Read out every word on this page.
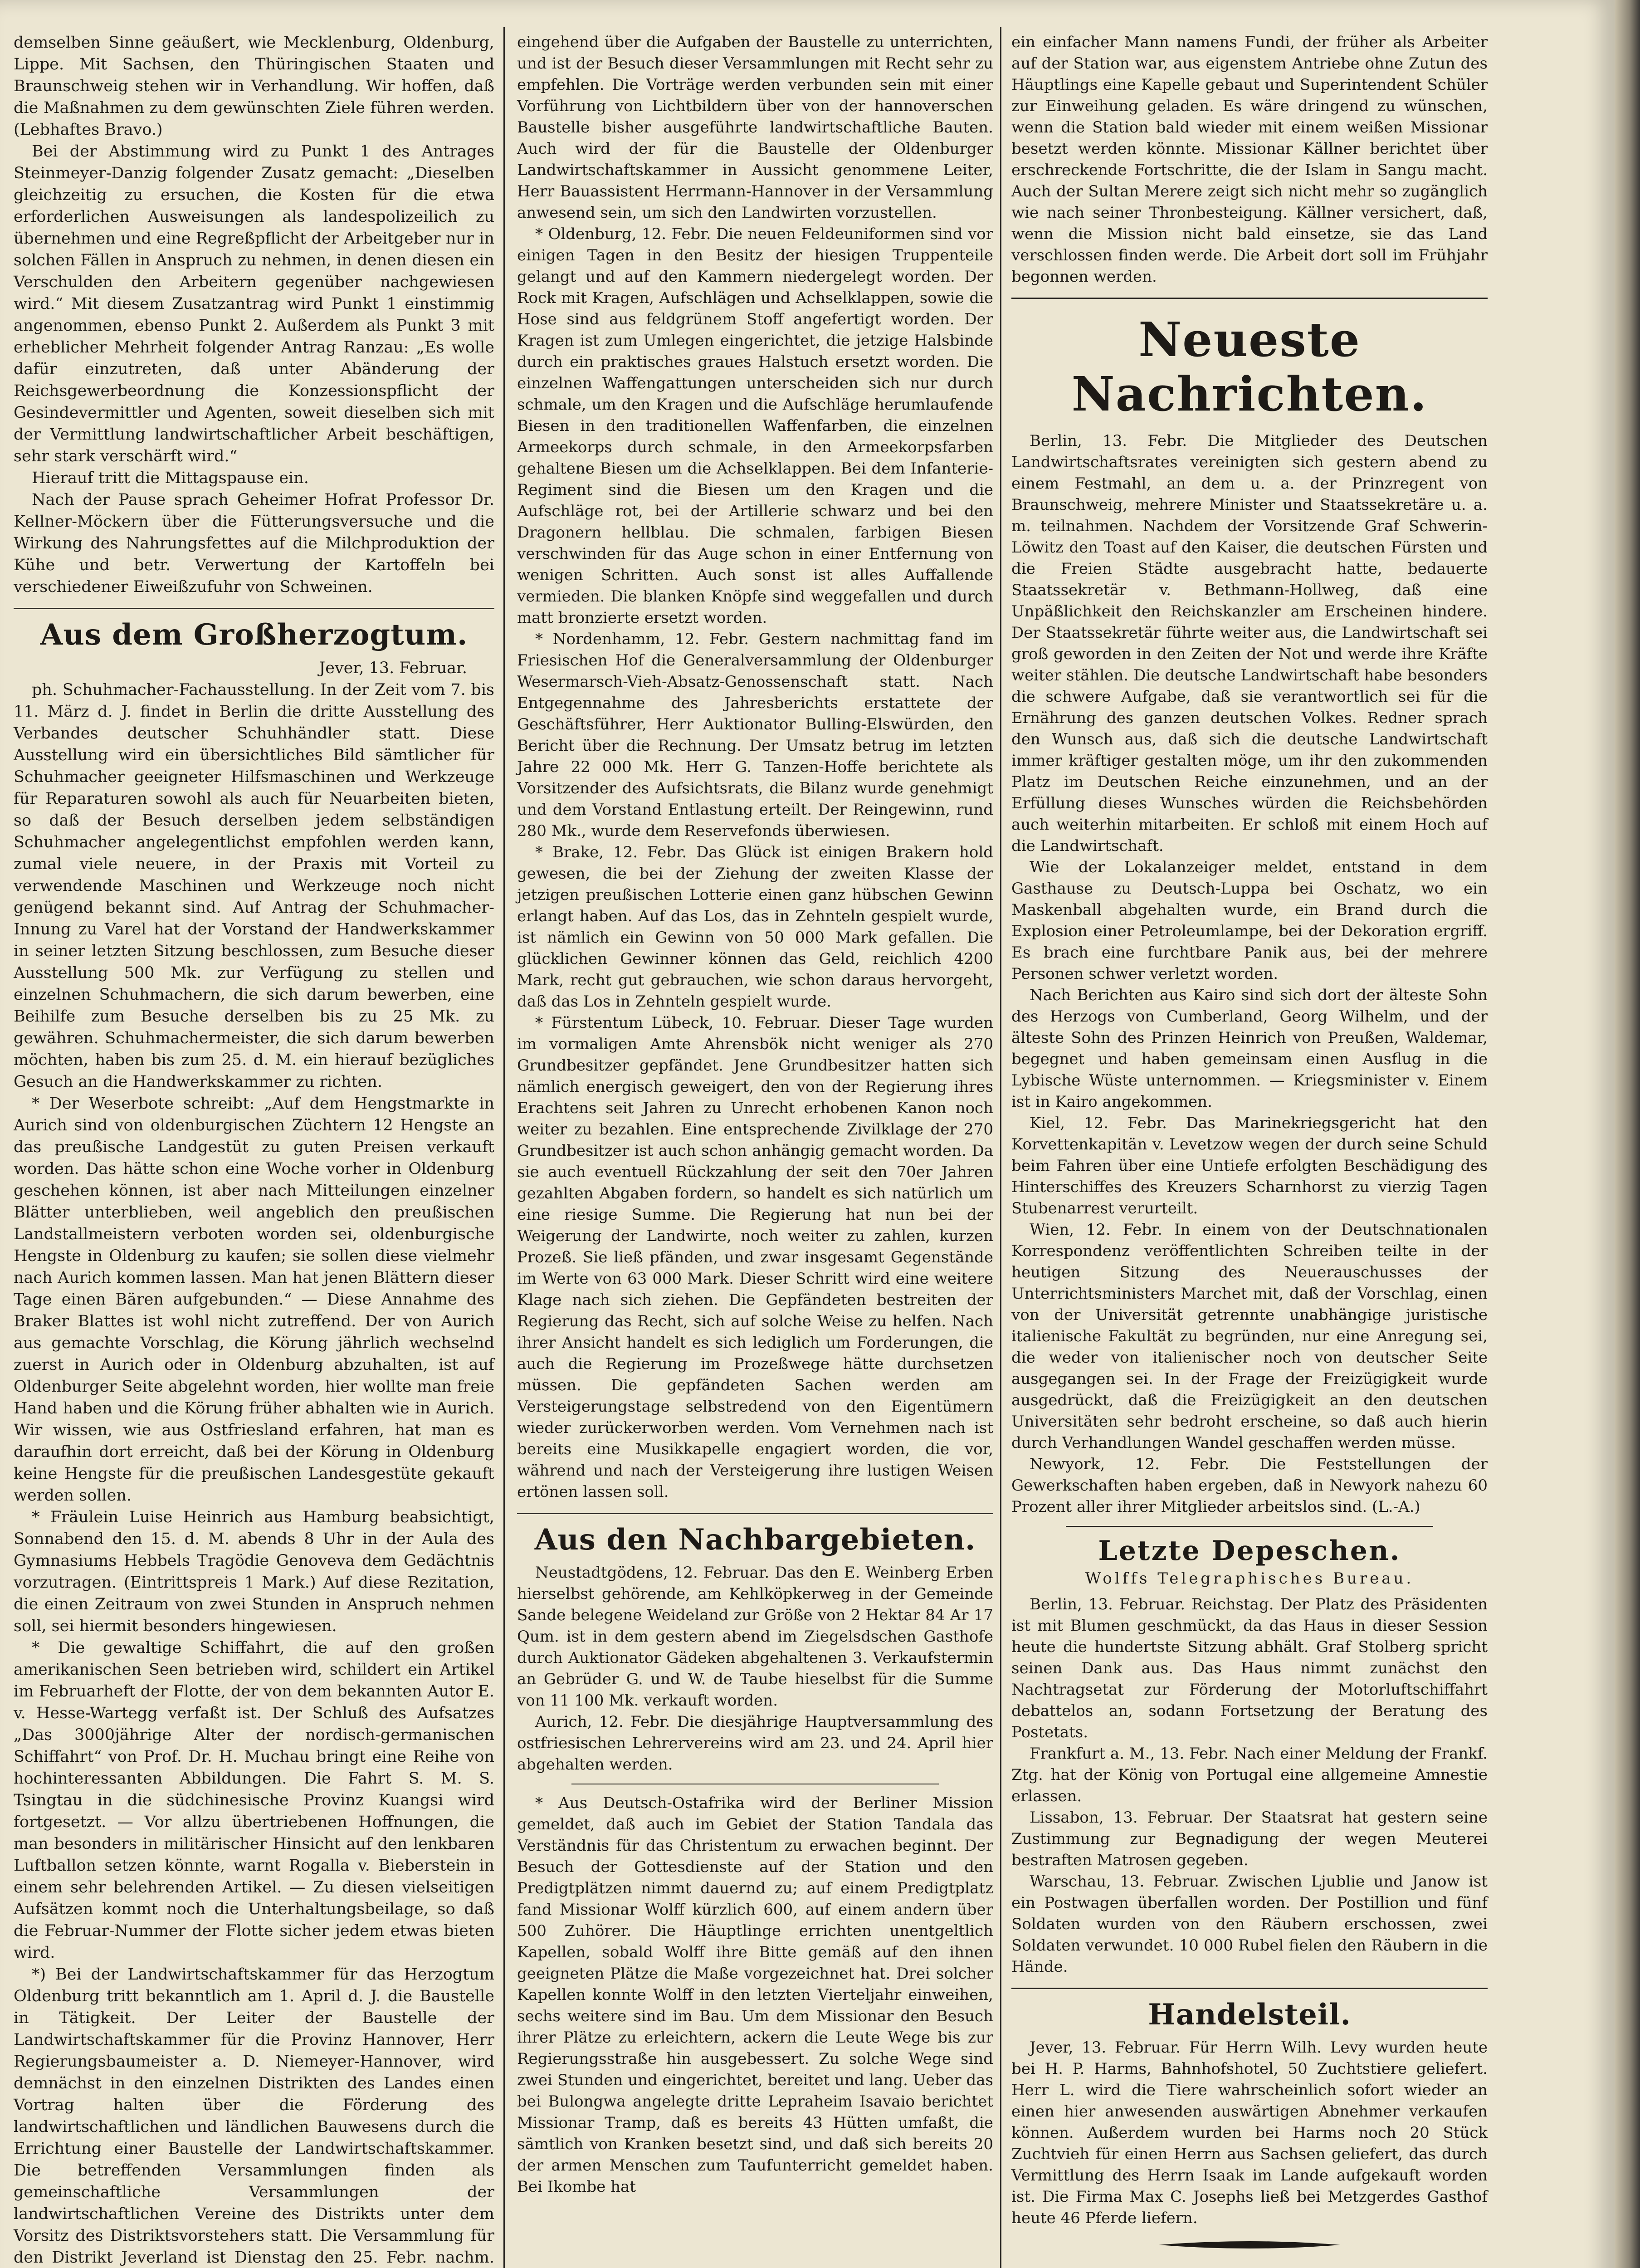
demselben Sinne geäußert, wie Mecklenburg, Oldenburg, Lippe. Mit Sachsen, den Thüringischen Staaten und Braunschweig stehen wir in Verhandlung. Wir hoffen, daß die Maßnahmen zu dem gewünschten Ziele führen werden. (Lebhaftes Bravo.)

Bei der Abstimmung wird zu Punkt 1 des Antrages Steinmeyer-Danzig folgender Zusatz gemacht: „Dieselben gleichzeitig zu ersuchen, die Kosten für die etwa erforderlichen Ausweisungen als landespolizeilich zu übernehmen und eine Regreßpflicht der Arbeitgeber nur in solchen Fällen in Anspruch zu nehmen, in denen diesen ein Verschulden den Arbeitern gegenüber nachgewiesen wird.“ Mit diesem Zusatzantrag wird Punkt 1 einstimmig angenommen, ebenso Punkt 2. Außerdem als Punkt 3 mit erheblicher Mehrheit folgender Antrag Ranzau: „Es wolle dafür einzutreten, daß unter Abänderung der Reichsgewerbeordnung die Konzessionspflicht der Gesindevermittler und Agenten, soweit dieselben sich mit der Vermittlung landwirtschaftlicher Arbeit beschäftigen, sehr stark verschärft wird.“

Hierauf tritt die Mittagspause ein.

Nach der Pause sprach Geheimer Hofrat Professor Dr. Kellner-Möckern über die Fütterungsversuche und die Wirkung des Nahrungsfettes auf die Milchproduktion der Kühe und betr. Verwertung der Kartoffeln bei verschiedener Eiweißzufuhr von Schweinen.

Aus dem Großherzogtum.

Jever, 13. Februar.

ph. Schuhmacher-Fachausstellung. In der Zeit vom 7. bis 11. März d. J. findet in Berlin die dritte Ausstellung des Verbandes deutscher Schuhhändler statt. Diese Ausstellung wird ein übersichtliches Bild sämtlicher für Schuhmacher geeigneter Hilfsmaschinen und Werkzeuge für Reparaturen sowohl als auch für Neuarbeiten bieten, so daß der Besuch derselben jedem selbständigen Schuhmacher angelegentlichst empfohlen werden kann, zumal viele neuere, in der Praxis mit Vorteil zu verwendende Maschinen und Werkzeuge noch nicht genügend bekannt sind. Auf Antrag der Schuhmacher-Innung zu Varel hat der Vorstand der Handwerkskammer in seiner letzten Sitzung beschlossen, zum Besuche dieser Ausstellung 500 Mk. zur Verfügung zu stellen und einzelnen Schuhmachern, die sich darum bewerben, eine Beihilfe zum Besuche derselben bis zu 25 Mk. zu gewähren. Schuhmachermeister, die sich darum bewerben möchten, haben bis zum 25. d. M. ein hierauf bezügliches Gesuch an die Handwerkskammer zu richten.

* Der Weserbote schreibt: „Auf dem Hengstmarkte in Aurich sind von oldenburgischen Züchtern 12 Hengste an das preußische Landgestüt zu guten Preisen verkauft worden. Das hätte schon eine Woche vorher in Oldenburg geschehen können, ist aber nach Mitteilungen einzelner Blätter unterblieben, weil angeblich den preußischen Landstallmeistern verboten worden sei, oldenburgische Hengste in Oldenburg zu kaufen; sie sollen diese vielmehr nach Aurich kommen lassen. Man hat jenen Blättern dieser Tage einen Bären aufgebunden.“ — Diese Annahme des Braker Blattes ist wohl nicht zutreffend. Der von Aurich aus gemachte Vorschlag, die Körung jährlich wechselnd zuerst in Aurich oder in Oldenburg abzuhalten, ist auf Oldenburger Seite abgelehnt worden, hier wollte man freie Hand haben und die Körung früher abhalten wie in Aurich. Wir wissen, wie aus Ostfriesland erfahren, hat man es daraufhin dort erreicht, daß bei der Körung in Oldenburg keine Hengste für die preußischen Landesgestüte gekauft werden sollen.

* Fräulein Luise Heinrich aus Hamburg beabsichtigt, Sonnabend den 15. d. M. abends 8 Uhr in der Aula des Gymnasiums Hebbels Tragödie Genoveva dem Gedächtnis vorzutragen. (Eintrittspreis 1 Mark.) Auf diese Rezitation, die einen Zeitraum von zwei Stunden in Anspruch nehmen soll, sei hiermit besonders hingewiesen.

* Die gewaltige Schiffahrt, die auf den großen amerikanischen Seen betrieben wird, schildert ein Artikel im Februarheft der Flotte, der von dem bekannten Autor E. v. Hesse-Wartegg verfaßt ist. Der Schluß des Aufsatzes „Das 3000jährige Alter der nordisch-germanischen Schiffahrt“ von Prof. Dr. H. Muchau bringt eine Reihe von hochinteressanten Abbildungen. Die Fahrt S. M. S. Tsingtau in die südchinesische Provinz Kuangsi wird fortgesetzt. — Vor allzu übertriebenen Hoffnungen, die man besonders in militärischer Hinsicht auf den lenkbaren Luftballon setzen könnte, warnt Rogalla v. Bieberstein in einem sehr belehrenden Artikel. — Zu diesen vielseitigen Aufsätzen kommt noch die Unterhaltungsbeilage, so daß die Februar-Nummer der Flotte sicher jedem etwas bieten wird.

*) Bei der Landwirtschaftskammer für das Herzogtum Oldenburg tritt bekanntlich am 1. April d. J. die Baustelle in Tätigkeit. Der Leiter der Baustelle der Landwirtschaftskammer für die Provinz Hannover, Herr Regierungsbaumeister a. D. Niemeyer-Hannover, wird demnächst in den einzelnen Distrikten des Landes einen Vortrag halten über die Förderung des landwirtschaftlichen und ländlichen Bauwesens durch die Errichtung einer Baustelle der Landwirtschaftskammer. Die betreffenden Versammlungen finden als gemeinschaftliche Versammlungen der landwirtschaftlichen Vereine des Distrikts unter dem Vorsitz des Distriktsvorstehers statt. Die Versammlung für den Distrikt Jeverland ist Dienstag den 25. Febr. nachm.

eingehend über die Aufgaben der Baustelle zu unterrichten, und ist der Besuch dieser Versammlungen mit Recht sehr zu empfehlen. Die Vorträge werden verbunden sein mit einer Vorführung von Lichtbildern über von der hannoverschen Baustelle bisher ausgeführte landwirtschaftliche Bauten. Auch wird der für die Baustelle der Oldenburger Landwirtschaftskammer in Aussicht genommene Leiter, Herr Bauassistent Herrmann-Hannover in der Versammlung anwesend sein, um sich den Landwirten vorzustellen.

* Oldenburg, 12. Febr. Die neuen Feldeuniformen sind vor einigen Tagen in den Besitz der hiesigen Truppenteile gelangt und auf den Kammern niedergelegt worden. Der Rock mit Kragen, Aufschlägen und Achselklappen, sowie die Hose sind aus feldgrünem Stoff angefertigt worden. Der Kragen ist zum Umlegen eingerichtet, die jetzige Halsbinde durch ein praktisches graues Halstuch ersetzt worden. Die einzelnen Waffengattungen unterscheiden sich nur durch schmale, um den Kragen und die Aufschläge herumlaufende Biesen in den traditionellen Waffenfarben, die einzelnen Armeekorps durch schmale, in den Armeekorpsfarben gehaltene Biesen um die Achselklappen. Bei dem Infanterie-Regiment sind die Biesen um den Kragen und die Aufschläge rot, bei der Artillerie schwarz und bei den Dragonern hellblau. Die schmalen, farbigen Biesen verschwinden für das Auge schon in einer Entfernung von wenigen Schritten. Auch sonst ist alles Auffallende vermieden. Die blanken Knöpfe sind weggefallen und durch matt bronzierte ersetzt worden.

* Nordenhamm, 12. Febr. Gestern nachmittag fand im Friesischen Hof die Generalversammlung der Oldenburger Wesermarsch-Vieh-Absatz-Genossenschaft statt. Nach Entgegennahme des Jahresberichts erstattete der Geschäftsführer, Herr Auktionator Bulling-Elswürden, den Bericht über die Rechnung. Der Umsatz betrug im letzten Jahre 22 000 Mk. Herr G. Tanzen-Hoffe berichtete als Vorsitzender des Aufsichtsrats, die Bilanz wurde genehmigt und dem Vorstand Entlastung erteilt. Der Reingewinn, rund 280 Mk., wurde dem Reservefonds überwiesen.

* Brake, 12. Febr. Das Glück ist einigen Brakern hold gewesen, die bei der Ziehung der zweiten Klasse der jetzigen preußischen Lotterie einen ganz hübschen Gewinn erlangt haben. Auf das Los, das in Zehnteln gespielt wurde, ist nämlich ein Gewinn von 50 000 Mark gefallen. Die glücklichen Gewinner können das Geld, reichlich 4200 Mark, recht gut gebrauchen, wie schon daraus hervorgeht, daß das Los in Zehnteln gespielt wurde.

* Fürstentum Lübeck, 10. Februar. Dieser Tage wurden im vormaligen Amte Ahrensbök nicht weniger als 270 Grundbesitzer gepfändet. Jene Grundbesitzer hatten sich nämlich energisch geweigert, den von der Regierung ihres Erachtens seit Jahren zu Unrecht erhobenen Kanon noch weiter zu bezahlen. Eine entsprechende Zivilklage der 270 Grundbesitzer ist auch schon anhängig gemacht worden. Da sie auch eventuell Rückzahlung der seit den 70er Jahren gezahlten Abgaben fordern, so handelt es sich natürlich um eine riesige Summe. Die Regierung hat nun bei der Weigerung der Landwirte, noch weiter zu zahlen, kurzen Prozeß. Sie ließ pfänden, und zwar insgesamt Gegenstände im Werte von 63 000 Mark. Dieser Schritt wird eine weitere Klage nach sich ziehen. Die Gepfändeten bestreiten der Regierung das Recht, sich auf solche Weise zu helfen. Nach ihrer Ansicht handelt es sich lediglich um Forderungen, die auch die Regierung im Prozeßwege hätte durchsetzen müssen. Die gepfändeten Sachen werden am Versteigerungstage selbstredend von den Eigentümern wieder zurückerworben werden. Vom Vernehmen nach ist bereits eine Musikkapelle engagiert worden, die vor, während und nach der Versteigerung ihre lustigen Weisen ertönen lassen soll.

Aus den Nachbargebieten.

Neustadtgödens, 12. Februar. Das den E. Weinberg Erben hierselbst gehörende, am Kehlköpkerweg in der Gemeinde Sande belegene Weideland zur Größe von 2 Hektar 84 Ar 17 Qum. ist in dem gestern abend im Ziegelsdschen Gasthofe durch Auktionator Gädeken abgehaltenen 3. Verkaufstermin an Gebrüder G. und W. de Taube hieselbst für die Summe von 11 100 Mk. verkauft worden.

Aurich, 12. Febr. Die diesjährige Hauptversammlung des ostfriesischen Lehrervereins wird am 23. und 24. April hier abgehalten werden.

* Aus Deutsch-Ostafrika wird der Berliner Mission gemeldet, daß auch im Gebiet der Station Tandala das Verständnis für das Christentum zu erwachen beginnt. Der Besuch der Gottesdienste auf der Station und den Predigtplätzen nimmt dauernd zu; auf einem Predigtplatz fand Missionar Wolff kürzlich 600, auf einem andern über 500 Zuhörer. Die Häuptlinge errichten unentgeltlich Kapellen, sobald Wolff ihre Bitte gemäß auf den ihnen geeigneten Plätze die Maße vorgezeichnet hat. Drei solcher Kapellen konnte Wolff in den letzten Vierteljahr einweihen, sechs weitere sind im Bau. Um dem Missionar den Besuch ihrer Plätze zu erleichtern, ackern die Leute Wege bis zur Regierungsstraße hin ausgebessert. Zu solche Wege sind zwei Stunden und eingerichtet, bereitet und lang. Ueber das bei Bulongwa angelegte dritte Lepraheim Isavaio berichtet Missionar Tramp, daß es bereits 43 Hütten umfaßt, die sämtlich von Kranken besetzt sind, und daß sich bereits 20 der armen Menschen zum Taufunterricht gemeldet haben. Bei Ikombe hat

ein einfacher Mann namens Fundi, der früher als Arbeiter auf der Station war, aus eigenstem Antriebe ohne Zutun des Häuptlings eine Kapelle gebaut und Superintendent Schüler zur Einweihung geladen. Es wäre dringend zu wünschen, wenn die Station bald wieder mit einem weißen Missionar besetzt werden könnte. Missionar Källner berichtet über erschreckende Fortschritte, die der Islam in Sangu macht. Auch der Sultan Merere zeigt sich nicht mehr so zugänglich wie nach seiner Thronbesteigung. Källner versichert, daß, wenn die Mission nicht bald einsetze, sie das Land verschlossen finden werde. Die Arbeit dort soll im Frühjahr begonnen werden.

Neueste Nachrichten.

Berlin, 13. Febr. Die Mitglieder des Deutschen Landwirtschaftsrates vereinigten sich gestern abend zu einem Festmahl, an dem u. a. der Prinzregent von Braunschweig, mehrere Minister und Staatssekretäre u. a. m. teilnahmen. Nachdem der Vorsitzende Graf Schwerin-Löwitz den Toast auf den Kaiser, die deutschen Fürsten und die Freien Städte ausgebracht hatte, bedauerte Staatssekretär v. Bethmann-Hollweg, daß eine Unpäßlichkeit den Reichskanzler am Erscheinen hindere. Der Staatssekretär führte weiter aus, die Landwirtschaft sei groß geworden in den Zeiten der Not und werde ihre Kräfte weiter stählen. Die deutsche Landwirtschaft habe besonders die schwere Aufgabe, daß sie verantwortlich sei für die Ernährung des ganzen deutschen Volkes. Redner sprach den Wunsch aus, daß sich die deutsche Landwirtschaft immer kräftiger gestalten möge, um ihr den zukommenden Platz im Deutschen Reiche einzunehmen, und an der Erfüllung dieses Wunsches würden die Reichsbehörden auch weiterhin mitarbeiten. Er schloß mit einem Hoch auf die Landwirtschaft.

Wie der Lokalanzeiger meldet, entstand in dem Gasthause zu Deutsch-Luppa bei Oschatz, wo ein Maskenball abgehalten wurde, ein Brand durch die Explosion einer Petroleumlampe, bei der Dekoration ergriff. Es brach eine furchtbare Panik aus, bei der mehrere Personen schwer verletzt worden.

Nach Berichten aus Kairo sind sich dort der älteste Sohn des Herzogs von Cumberland, Georg Wilhelm, und der älteste Sohn des Prinzen Heinrich von Preußen, Waldemar, begegnet und haben gemeinsam einen Ausflug in die Lybische Wüste unternommen. — Kriegsminister v. Einem ist in Kairo angekommen.

Kiel, 12. Febr. Das Marinekriegsgericht hat den Korvettenkapitän v. Levetzow wegen der durch seine Schuld beim Fahren über eine Untiefe erfolgten Beschädigung des Hinterschiffes des Kreuzers Scharnhorst zu vierzig Tagen Stubenarrest verurteilt.

Wien, 12. Febr. In einem von der Deutschnationalen Korrespondenz veröffentlichten Schreiben teilte in der heutigen Sitzung des Neuerauschusses der Unterrichtsministers Marchet mit, daß der Vorschlag, einen von der Universität getrennte unabhängige juristische italienische Fakultät zu begründen, nur eine Anregung sei, die weder von italienischer noch von deutscher Seite ausgegangen sei. In der Frage der Freizügigkeit wurde ausgedrückt, daß die Freizügigkeit an den deutschen Universitäten sehr bedroht erscheine, so daß auch hierin durch Verhandlungen Wandel geschaffen werden müsse.

Newyork, 12. Febr. Die Feststellungen der Gewerkschaften haben ergeben, daß in Newyork nahezu 60 Prozent aller ihrer Mitglieder arbeitslos sind. (L.-A.)

Letzte Depeschen.
Wolffs Telegraphisches Bureau.

Berlin, 13. Februar. Reichstag. Der Platz des Präsidenten ist mit Blumen geschmückt, da das Haus in dieser Session heute die hundertste Sitzung abhält. Graf Stolberg spricht seinen Dank aus. Das Haus nimmt zunächst den Nachtragsetat zur Förderung der Motorluftschiffahrt debattelos an, sodann Fortsetzung der Beratung des Postetats.

Frankfurt a. M., 13. Febr. Nach einer Meldung der Frankf. Ztg. hat der König von Portugal eine allgemeine Amnestie erlassen.

Lissabon, 13. Februar. Der Staatsrat hat gestern seine Zustimmung zur Begnadigung der wegen Meuterei bestraften Matrosen gegeben.

Warschau, 13. Februar. Zwischen Ljublie und Janow ist ein Postwagen überfallen worden. Der Postillion und fünf Soldaten wurden von den Räubern erschossen, zwei Soldaten verwundet. 10 000 Rubel fielen den Räubern in die Hände.

Handelsteil.

Jever, 13. Februar. Für Herrn Wilh. Levy wurden heute bei H. P. Harms, Bahnhofshotel, 50 Zuchtstiere geliefert. Herr L. wird die Tiere wahrscheinlich sofort wieder an einen hier anwesenden auswärtigen Abnehmer verkaufen können. Außerdem wurden bei Harms noch 20 Stück Zuchtvieh für einen Herrn aus Sachsen geliefert, das durch Vermittlung des Herrn Isaak im Lande aufgekauft worden ist. Die Firma Max C. Josephs ließ bei Metzgerdes Gasthof heute 46 Pferde liefern.
